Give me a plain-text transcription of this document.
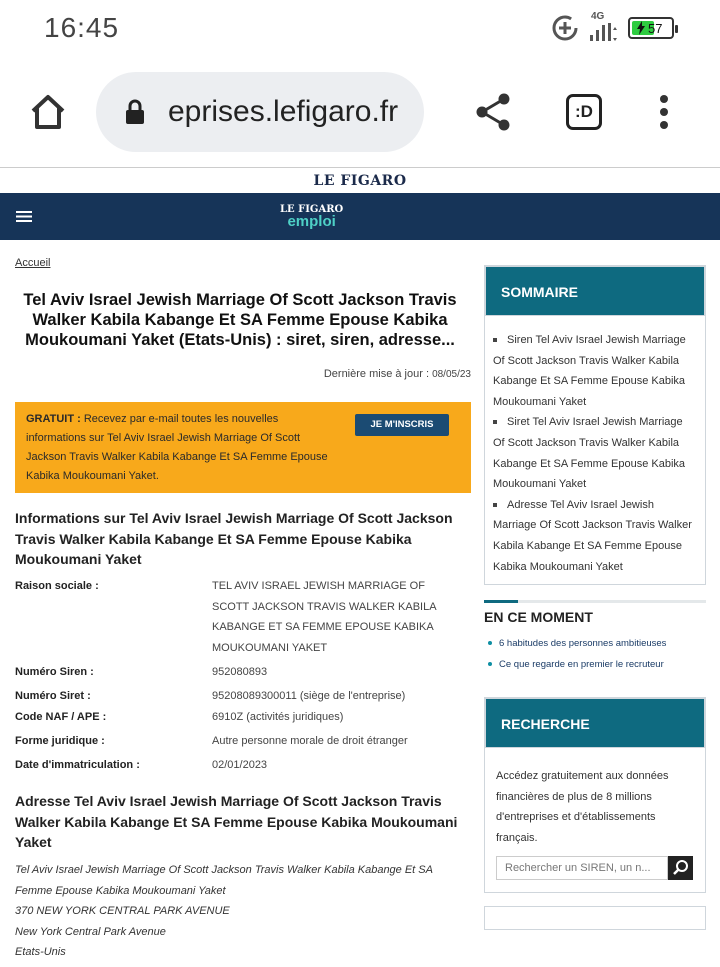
16:45	4G
57
eprises.lefigaro.fr	:D
LE FIGARO
LE FIGARO
emploi
Accueil
Tel Aviv Israel Jewish Marriage Of Scott Jackson Travis Walker Kabila Kabange Et SA Femme Epouse Kabika Moukoumani Yaket (Etats-Unis) : siret, siren, adresse...
Dernière mise à jour : 08/05/23
GRATUIT : Recevez par e-mail toutes les nouvelles informations sur Tel Aviv Israel Jewish Marriage Of Scott Jackson Travis Walker Kabila Kabange Et SA Femme Epouse Kabika Moukoumani Yaket.
JE M'INSCRIS
Informations sur Tel Aviv Israel Jewish Marriage Of Scott Jackson Travis Walker Kabila Kabange Et SA Femme Epouse Kabika Moukoumani Yaket
Raison sociale :	TEL AVIV ISRAEL JEWISH MARRIAGE OF SCOTT JACKSON TRAVIS WALKER KABILA KABANGE ET SA FEMME EPOUSE KABIKA MOUKOUMANI YAKET
Numéro Siren :	952080893
Numéro Siret :	95208089300011 (siège de l'entreprise)
Code NAF / APE :	6910Z (activités juridiques)
Forme juridique :	Autre personne morale de droit étranger
Date d'immatriculation :	02/01/2023
Adresse Tel Aviv Israel Jewish Marriage Of Scott Jackson Travis Walker Kabila Kabange Et SA Femme Epouse Kabika Moukoumani Yaket
Tel Aviv Israel Jewish Marriage Of Scott Jackson Travis Walker Kabila Kabange Et SA Femme Epouse Kabika Moukoumani Yaket
370 NEW YORK CENTRAL PARK AVENUE
New York Central Park Avenue
Etats-Unis
SOMMAIRE
Siren Tel Aviv Israel Jewish Marriage Of Scott Jackson Travis Walker Kabila Kabange Et SA Femme Epouse Kabika Moukoumani Yaket
Siret Tel Aviv Israel Jewish Marriage Of Scott Jackson Travis Walker Kabila Kabange Et SA Femme Epouse Kabika Moukoumani Yaket
Adresse Tel Aviv Israel Jewish Marriage Of Scott Jackson Travis Walker Kabila Kabange Et SA Femme Epouse Kabika Moukoumani Yaket
EN CE MOMENT
6 habitudes des personnes ambitieuses
Ce que regarde en premier le recruteur
RECHERCHE
Accédez gratuitement aux données financières de plus de 8 millions d'entreprises et d'établissements français.
Rechercher un SIREN, un n...
